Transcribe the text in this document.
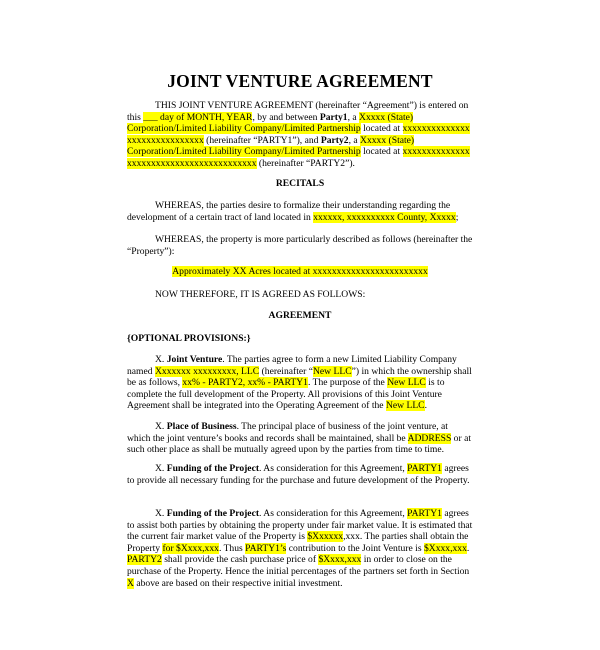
JOINT VENTURE AGREEMENT
THIS JOINT VENTURE AGREEMENT (hereinafter “Agreement”) is entered on
this ___ day of MONTH, YEAR, by and between Party1, a Xxxxx (State) Corporation/Limited Liability Company/Limited Partnership located at xxxxxxxxxxxxxx xxxxxxxxxxxxxxxx (hereinafter “PARTY1”), and Party2, a Xxxxx (State) Corporation/Limited Liability Company/Limited Partnership located at xxxxxxxxxxxxxx xxxxxxxxxxxxxxxxxxxxxxxxxxx (hereinafter “PARTY2”).
RECITALS
WHEREAS, the parties desire to formalize their understanding regarding the development of a certain tract of land located in xxxxxx, xxxxxxxxxx County, Xxxxx;
WHEREAS, the property is more particularly described as follows (hereinafter the “Property”):
Approximately XX Acres located at xxxxxxxxxxxxxxxxxxxxxxxx
NOW THEREFORE, IT IS AGREED AS FOLLOWS:
AGREEMENT
{OPTIONAL PROVISIONS:}
X. Joint Venture. The parties agree to form a new Limited Liability Company named Xxxxxxx xxxxxxxxx, LLC (hereinafter “New LLC”) in which the ownership shall be as follows, xx% - PARTY2, xx% - PARTY1. The purpose of the New LLC is to complete the full development of the Property. All provisions of this Joint Venture Agreement shall be integrated into the Operating Agreement of the New LLC.
X. Place of Business. The principal place of business of the joint venture, at which the joint venture’s books and records shall be maintained, shall be ADDRESS or at such other place as shall be mutually agreed upon by the parties from time to time.
X. Funding of the Project. As consideration for this Agreement, PARTY1 agrees to provide all necessary funding for the purchase and future development of the Property.
X. Funding of the Project. As consideration for this Agreement, PARTY1 agrees to assist both parties by obtaining the property under fair market value. It is estimated that the current fair market value of the Property is $Xxxxxx,xxx. The parties shall obtain the Property for $Xxxx,xxx. Thus PARTY1’s contribution to the Joint Venture is $Xxxx,xxx. PARTY2 shall provide the cash purchase price of $Xxxx,xxx in order to close on the purchase of the Property. Hence the initial percentages of the partners set forth in Section X above are based on their respective initial investment.
